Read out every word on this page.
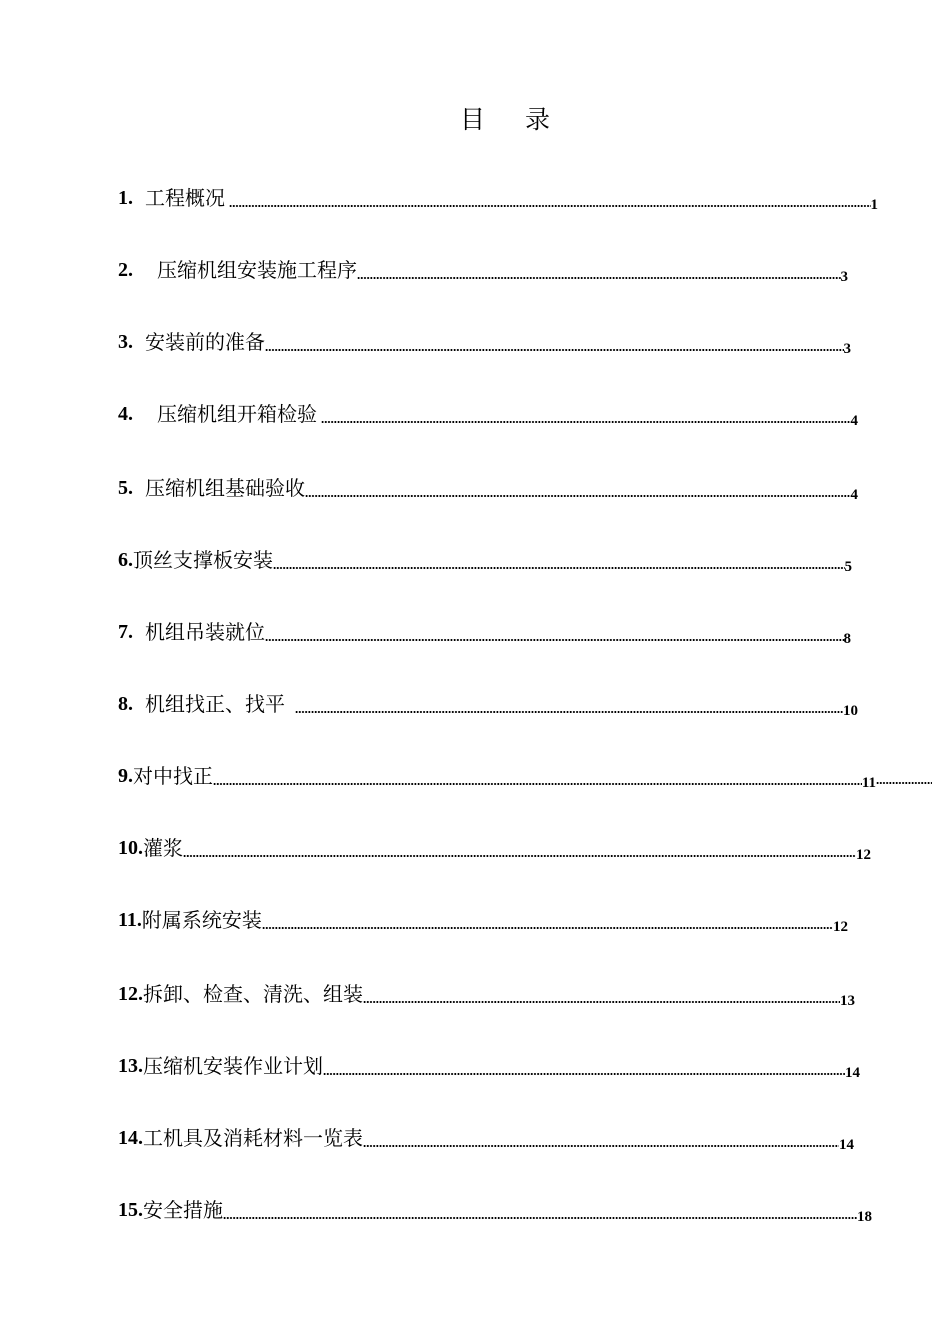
目录
1 . 工程概况	1
2 . 压缩机组安装施工程序	3
3 . 安装前的准备	3
4 . 压缩机组开箱检验	4
5 . 压缩机组基础验收	4
6 . 顶丝支撑板安装	5
7 . 机组吊装就位	8
8 . 机组找正、找平	10
9 . 对中找正	11
10 . 灌浆	12
11 . 附属系统安装	12
12 . 拆卸、检查、清洗、组装	13
13 . 压缩机安装作业计划	14
14 . 工机具及消耗材料一览表	14
15 . 安全措施	18
